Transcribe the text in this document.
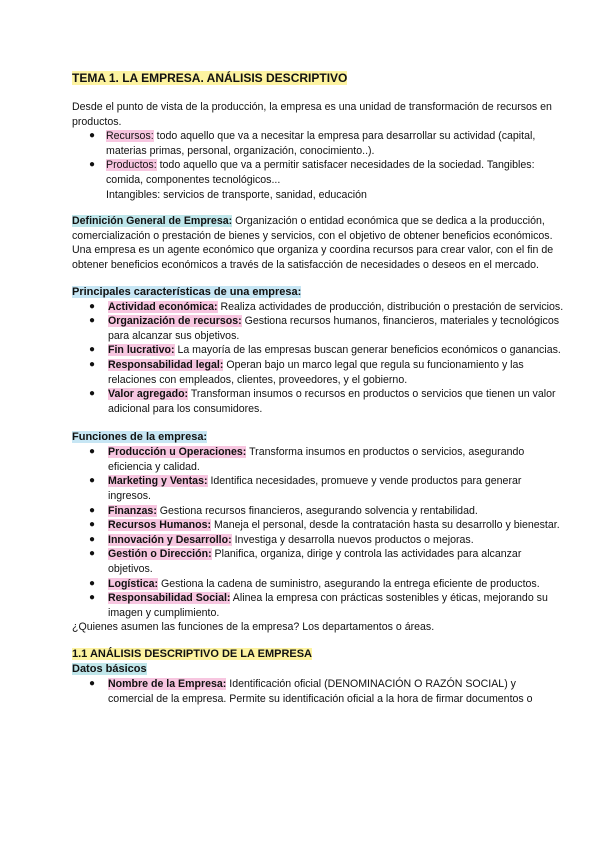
TEMA 1. LA EMPRESA. ANÁLISIS DESCRIPTIVO

Desde el punto de vista de la producción, la empresa es una unidad de transformación de recursos en productos.

● Recursos: todo aquello que va a necesitar la empresa para desarrollar su actividad (capital, materias primas, personal, organización, conocimiento..).
● Productos: todo aquello que va a permitir satisfacer necesidades de la sociedad. Tangibles: comida, componentes tecnológicos...

Intangibles: servicios de transporte, sanidad, educación

Definición General de Empresa: Organización o entidad económica que se dedica a la producción, comercialización o prestación de bienes y servicios, con el objetivo de obtener beneficios económicos. Una empresa es un agente económico que organiza y coordina recursos para crear valor, con el fin de obtener beneficios económicos a través de la satisfacción de necesidades o deseos en el mercado.

Principales características de una empresa:

● Actividad económica: Realiza actividades de producción, distribución o prestación de servicios.
● Organización de recursos: Gestiona recursos humanos, financieros, materiales y tecnológicos para alcanzar sus objetivos.
● Fin lucrativo: La mayoría de las empresas buscan generar beneficios económicos o ganancias.
● Responsabilidad legal: Operan bajo un marco legal que regula su funcionamiento y las relaciones con empleados, clientes, proveedores, y el gobierno.
● Valor agregado: Transforman insumos o recursos en productos o servicios que tienen un valor adicional para los consumidores.

Funciones de la empresa:

● Producción u Operaciones: Transforma insumos en productos o servicios, asegurando eficiencia y calidad.
● Marketing y Ventas: Identifica necesidades, promueve y vende productos para generar ingresos.
● Finanzas: Gestiona recursos financieros, asegurando solvencia y rentabilidad.
● Recursos Humanos: Maneja el personal, desde la contratación hasta su desarrollo y bienestar.
● Innovación y Desarrollo: Investiga y desarrolla nuevos productos o mejoras.
● Gestión o Dirección: Planifica, organiza, dirige y controla las actividades para alcanzar objetivos.
● Logística: Gestiona la cadena de suministro, asegurando la entrega eficiente de productos.
● Responsabilidad Social: Alinea la empresa con prácticas sostenibles y éticas, mejorando su imagen y cumplimiento.

¿Quienes asumen las funciones de la empresa? Los departamentos o áreas.

1.1 ANÁLISIS DESCRIPTIVO DE LA EMPRESA

Datos básicos

● Nombre de la Empresa: Identificación oficial (DENOMINACIÓN O RAZÓN SOCIAL) y comercial de la empresa. Permite su identificación oficial a la hora de firmar documentos o
